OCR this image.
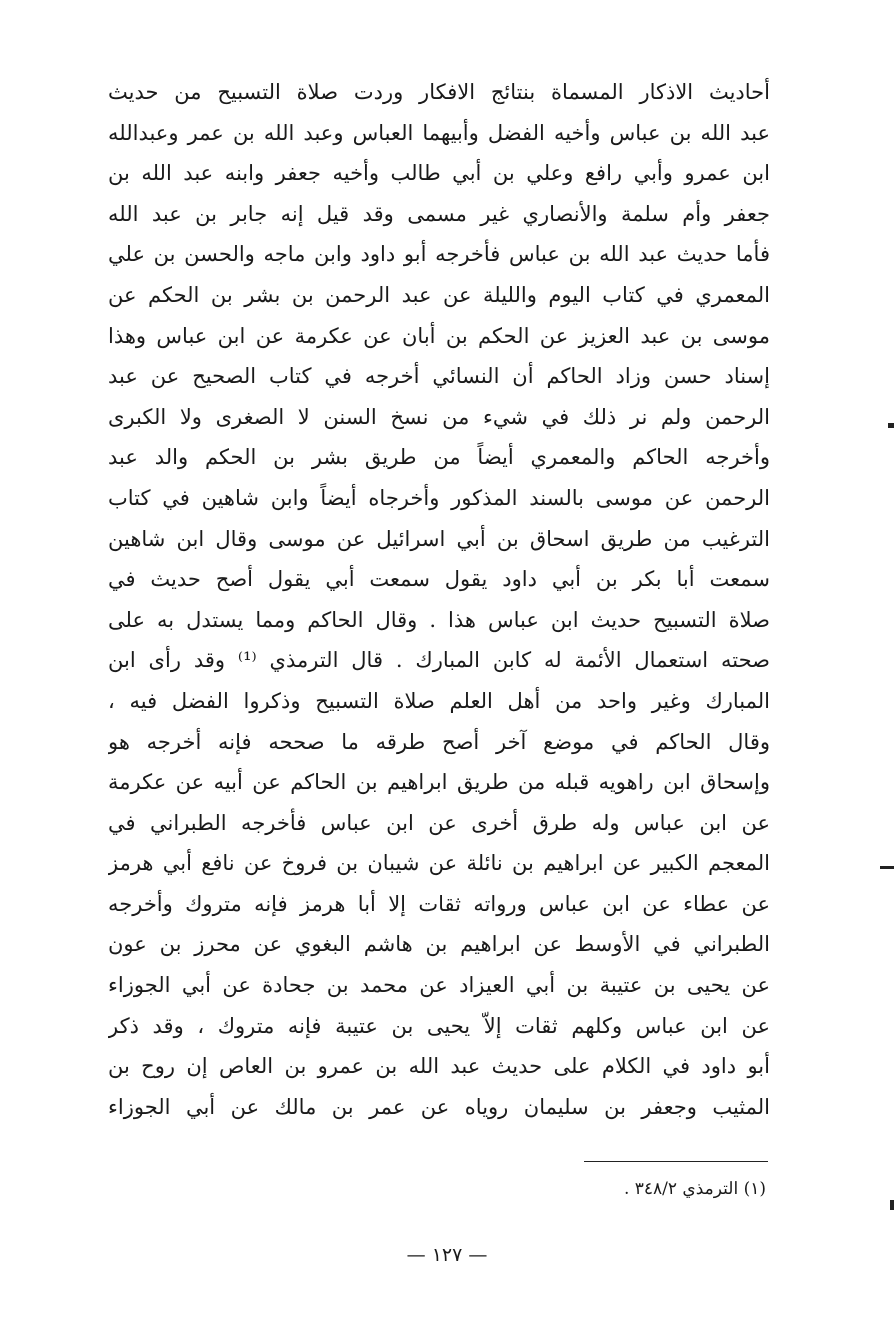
أحاديث الاذكار المسماة بنتائج الافكار وردت صلاة التسبيح من حديث
عبد الله بن عباس وأخيه الفضل وأبيهما العباس وعبد الله بن عمر وعبدالله
ابن عمرو وأبي رافع وعلي بن أبي طالب وأخيه جعفر وابنه عبد الله بن
جعفر وأم سلمة والأنصاري غير مسمى وقد قيل إنه جابر بن عبد الله
فأما حديث عبد الله بن عباس فأخرجه أبو داود وابن ماجه والحسن بن علي
المعمري في كتاب اليوم والليلة عن عبد الرحمن بن بشر بن الحكم عن
موسى بن عبد العزيز عن الحكم بن أبان عن عكرمة عن ابن عباس وهذا
إسناد حسن وزاد الحاكم أن النسائي أخرجه في كتاب الصحيح عن عبد
الرحمن ولم نر ذلك في شيء من نسخ السنن لا الصغرى ولا الكبرى
وأخرجه الحاكم والمعمري أيضاً من طريق بشر بن الحكم والد عبد
الرحمن عن موسى بالسند المذكور وأخرجاه أيضاً وابن شاهين في كتاب
الترغيب من طريق اسحاق بن أبي اسرائيل عن موسى وقال ابن شاهين
سمعت أبا بكر بن أبي داود يقول سمعت أبي يقول أصح حديث في
صلاة التسبيح حديث ابن عباس هذا . وقال الحاكم ومما يستدل به على
صحته استعمال الأئمة له كابن المبارك . قال الترمذي ⁽¹⁾ وقد رأى ابن
المبارك وغير واحد من أهل العلم صلاة التسبيح وذكروا الفضل فيه ،
وقال الحاكم في موضع آخر أصح طرقه ما صححه فإنه أخرجه هو
وإسحاق ابن راهويه قبله من طريق ابراهيم بن الحاكم عن أبيه عن عكرمة
عن ابن عباس وله طرق أخرى عن ابن عباس فأخرجه الطبراني في
المعجم الكبير عن ابراهيم بن نائلة عن شيبان بن فروخ عن نافع أبي هرمز
عن عطاء عن ابن عباس ورواته ثقات إلا أبا هرمز فإنه متروك وأخرجه
الطبراني في الأوسط عن ابراهيم بن هاشم البغوي عن محرز بن عون
عن يحيى بن عتيبة بن أبي العيزاد عن محمد بن جحادة عن أبي الجوزاء
عن ابن عباس وكلهم ثقات إلاّ يحيى بن عتيبة فإنه متروك ، وقد ذكر
أبو داود في الكلام على حديث عبد الله بن عمرو بن العاص إن روح بن
المثيب وجعفر بن سليمان روياه عن عمر بن مالك عن أبي الجوزاء
(١) الترمذي ٣٤٨/٢ .
— ١٢٧ —
